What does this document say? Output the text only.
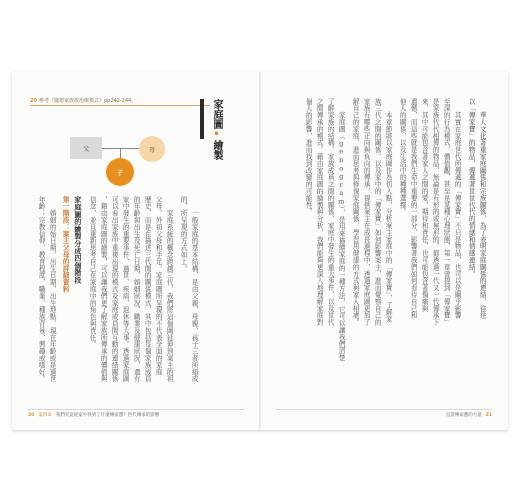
20 參考《龐德家族族治療模式》pp242-244。	家庭圖•繪製
父	母
子
　　一般家庭的基本結構，是由父親、母親、孩子三者所組成
的，所呈現的方式如上。
　　家庭系統的概念跨越三代，我們將這個圖延伸到案主的祖
父母、外祖父母和手足，家庭圖所呈現的不代表全面的家庭
歷史，而是在描述三代間的關係模式，其中包括每個家族成員
的年齡與出生及死亡日期、婚姻狀況、職業及健康狀況，還有
家中發生的重要事件、過世、疾病、退休等大事。透過家庭圖
可以看出家族中重複出現的模式及家庭成員間互動的連結關係
，藉由家庭圖的繪製，可以讓我們更了解家族所傳承的價值與
信念，並且重新思考自己在家庭中的角色與責任。
家庭圖的繪製分成四個階段
第一階段：案主父母的詳細資料
　　婚姻的始日期，出生日期、出生地點、現在年齡或是過世
年齡；宗教信仰、教育程度、職業、種族背景、興趣或嗜好。	　　華人文化著重家庭關係和宗族關係，為了表明家庭關係的連結，往往
以「傳家寶」的物品，傳遞著世世代代的情緒和情感連結。
　　其實在家庭世代所傳遞的「傳家寶」不只是物品，也可以是關乎影響
至深的行為模式、價值觀，甚至是某種心理狀態，第一章曾提到「傳家寶」
是家族代代相傳的物品，無論是有形的或無形的，都透過一代又一代傳承下
來，其中可能包含著家人之間的愛、期待和責任，也可能包含著傷痛與
遺憾，而這些就是我們生命中重要的一部分，影響著我們如何看待自己和
他人的關係，以及生活中的種種選擇。
　　本章節將以家庭圖作為切入點，分析案主家庭中的「傳家寶」，了解家
族三代之間的關係，以及家中的「傳家寶」如何影響案主，進而覺察自己的
家族有哪些正向與負向的傳承，提供案主在成長過程中，透過家庭圖更加了
解自己的家庭，進而思考與修復家庭關係，學習用健康的方式與家人相處。
　　家庭圖（genogram），是用來描繪家庭的一種方法，它可以讓我們清楚
了解家族的結構、家族成員之間的關係、家庭中發生的重大事件，以及世代
之間傳承的模式。藉由家庭圖的繪製與分析，我們能夠更深入地理解家庭對
個人的影響，進而找到改變的可能性。
20 第四章 我們究竟從家中得到了什麼傳家寶？世代傳承的影響	見證傳家寶的力量 21
